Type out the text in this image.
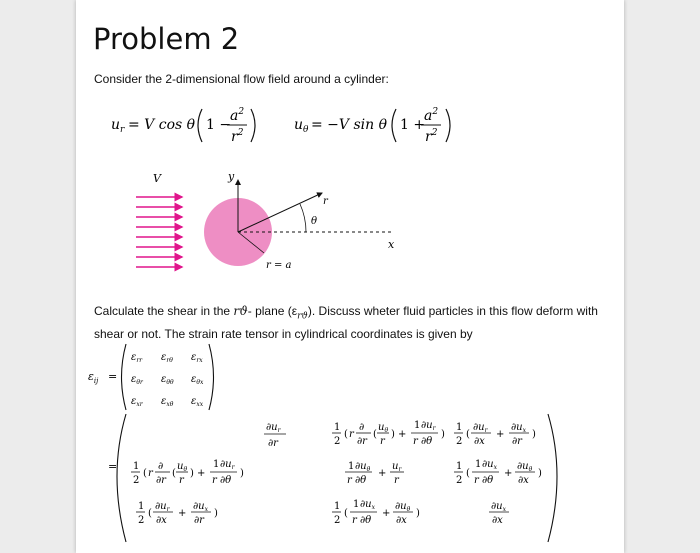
Problem 2
Consider the 2-dimensional flow field around a cylinder:
$u_r = V$ cos θ 1 −
$a^2$
$r^2$	$u_\theta = -V$ sin θ 1 +
$a^2$
$r^2$
V	y
x
r
θ
r = a
Calculate the shear in the rϑ- plane $(\varepsilon_{rϑ})$. Discuss wheter fluid particles in this flow deform with shear or not. The strain rate tensor in cylindrical coordinates is given by
$\varepsilon_{ij}$ =
$\varepsilon_{rr}$ $\varepsilon_{r\theta}$ $\varepsilon_{rx}$
$\varepsilon_{\theta r}$ $\varepsilon_{\theta\theta}$ $\varepsilon_{\theta x}$
$\varepsilon_{xr}$ $\varepsilon_{x\theta}$ $\varepsilon_{xx}$
=
$\partial u_r$
∂r
1
2
( r
∂
∂r
(
$u_\theta$
r
) +
1 $\partial u_r$
r ∂θ
)
1
2
(
$\partial u_r$
∂x
+
$\partial u_x$
∂r
)
1
2
( r
∂
∂r
(
$u_\theta$
r
) +
1 $\partial u_r$
r ∂θ
)
1 $\partial u_\theta$
r ∂θ
+
$u_r$
r
1
2
(
1 $\partial u_x$
r ∂θ
+
$\partial u_\theta$
∂x
)
1
2
(
$\partial u_r$
∂x
+
$\partial u_x$
∂r
)
1
2
(
1 $\partial u_x$
r ∂θ
+
$\partial u_\theta$
∂x
)
$\partial u_x$
∂x
